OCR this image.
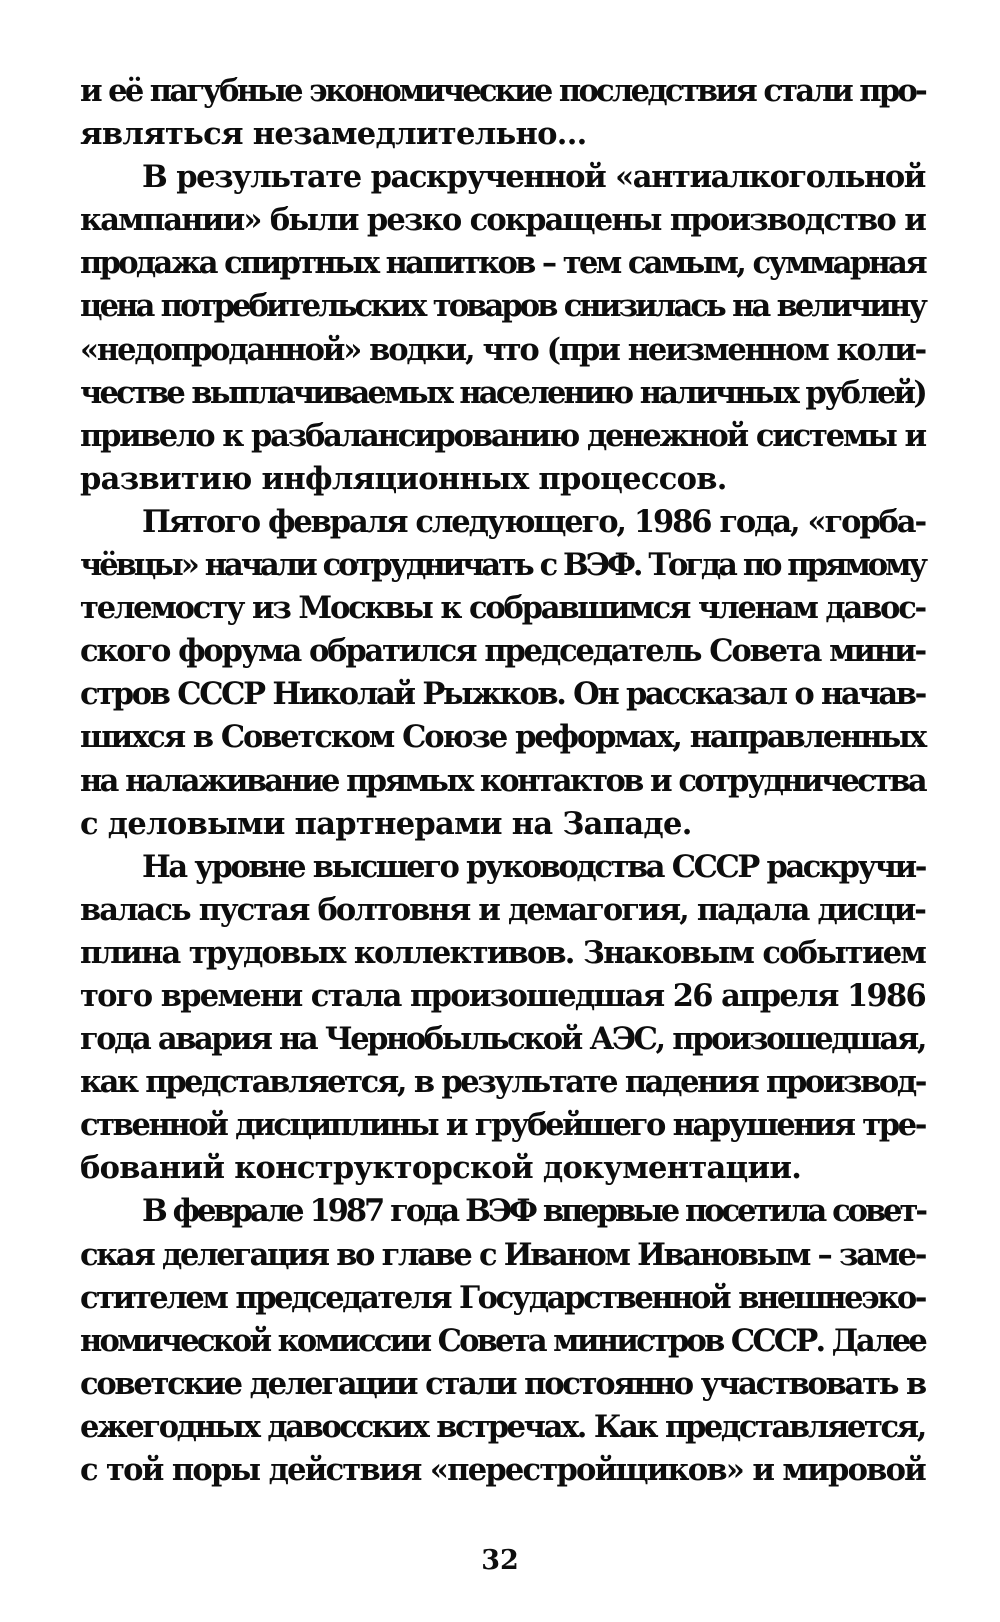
и её пагубные экономические последствия стали про-
являться незамедлительно...
В результате раскрученной «антиалкогольной
кампании» были резко сокращены производство и
продажа спиртных напитков – тем самым, суммарная
цена потребительских товаров снизилась на величину
«недопроданной» водки, что (при неизменном коли-
честве выплачиваемых населению наличных рублей)
привело к разбалансированию денежной системы и
развитию инфляционных процессов.
Пятого февраля следующего, 1986 года, «горба-
чёвцы» начали сотрудничать с ВЭФ. Тогда по прямому
телемосту из Москвы к собравшимся членам давос-
ского форума обратился председатель Совета мини-
стров СССР Николай Рыжков. Он рассказал о начав-
шихся в Советском Союзе реформах, направленных
на налаживание прямых контактов и сотрудничества
с деловыми партнерами на Западе.
На уровне высшего руководства СССР раскручи-
валась пустая болтовня и демагогия, падала дисци-
плина трудовых коллективов. Знаковым событием
того времени стала произошедшая 26 апреля 1986
года авария на Чернобыльской АЭС, произошедшая,
как представляется, в результате падения производ-
ственной дисциплины и грубейшего нарушения тре-
бований конструкторской документации.
В феврале 1987 года ВЭФ впервые посетила совет-
ская делегация во главе с Иваном Ивановым – заме-
стителем председателя Государственной внешнеэко-
номической комиссии Совета министров СССР. Далее
советские делегации стали постоянно участвовать в
ежегодных давосских встречах. Как представляется,
с той поры действия «перестройщиков» и мировой
32
